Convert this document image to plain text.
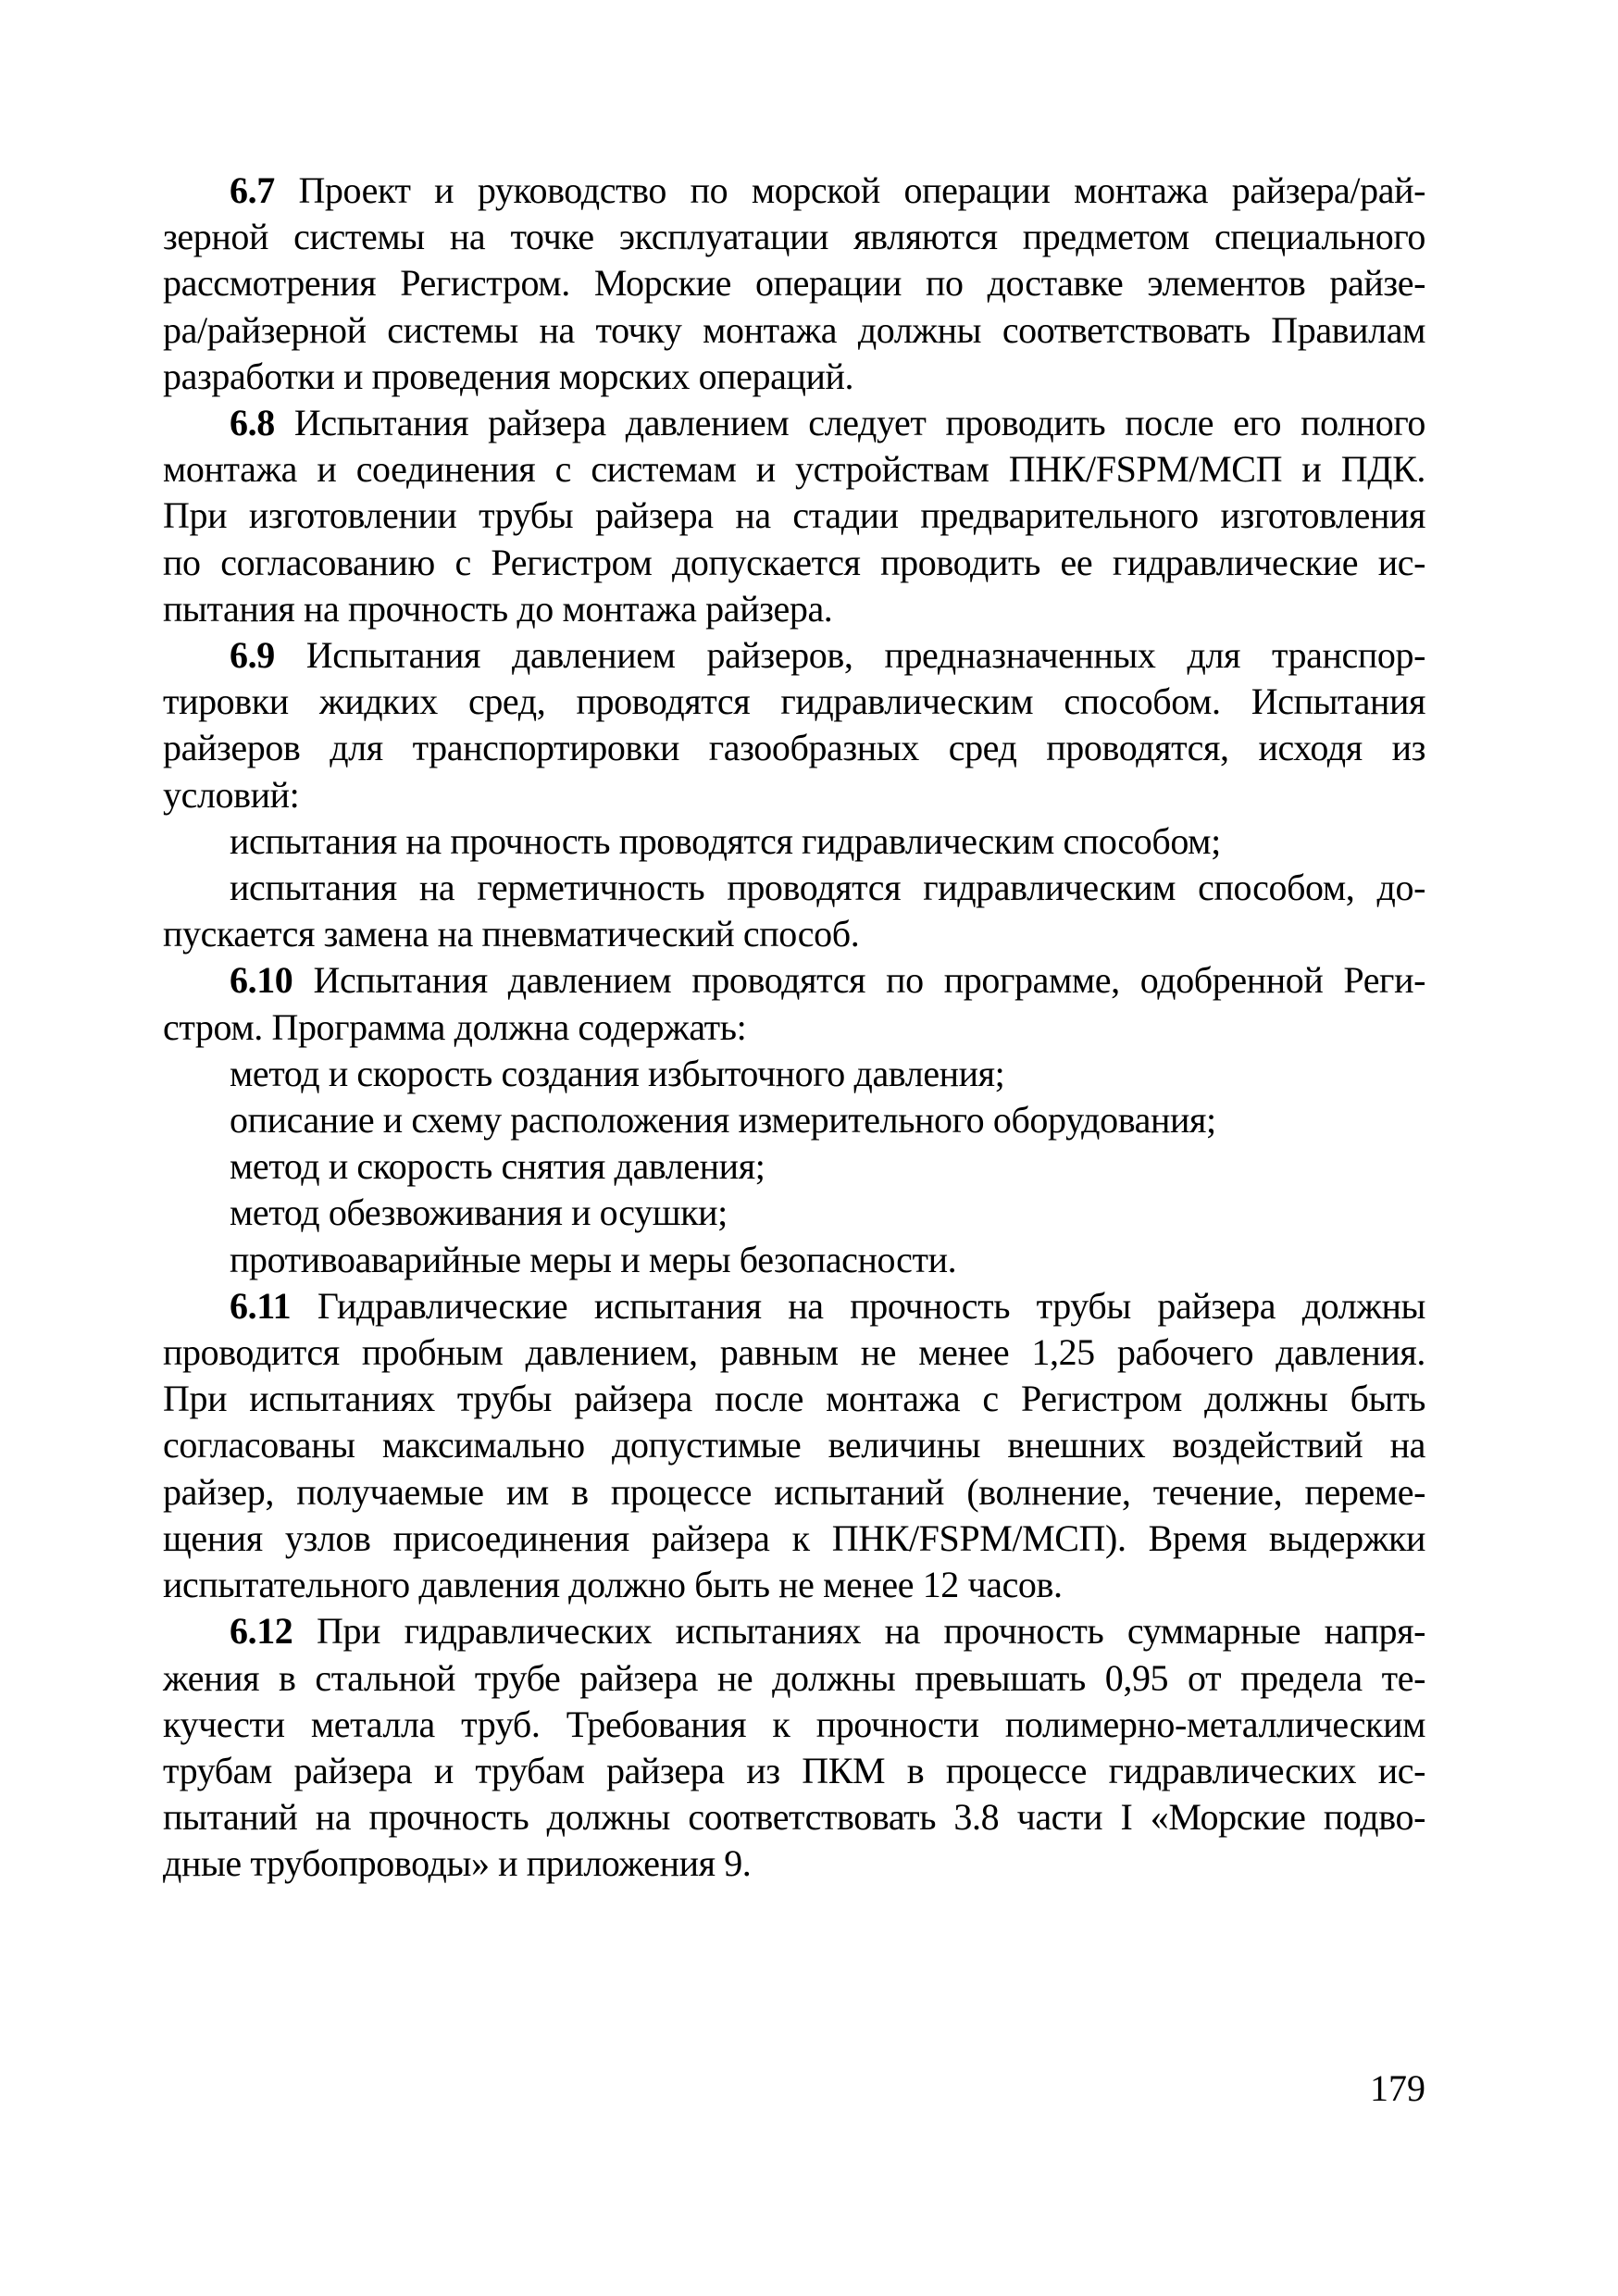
6.7 Проект и руководство по морской операции монтажа райзера/рай-
зерной системы на точке эксплуатации являются предметом специального
рассмотрения Регистром. Морские операции по доставке элементов райзе-
ра/райзерной системы на точку монтажа должны соответствовать Правилам
разработки и проведения морских операций.
6.8 Испытания райзера давлением следует проводить после его полного
монтажа и соединения с системам и устройствам ПНК/FSPM/МСП и ПДК.
При изготовлении трубы райзера на стадии предварительного изготовления
по согласованию с Регистром допускается проводить ее гидравлические ис-
пытания на прочность до монтажа райзера.
6.9 Испытания давлением райзеров, предназначенных для транспор-
тировки жидких сред, проводятся гидравлическим способом. Испытания
райзеров для транспортировки газообразных сред проводятся, исходя из
условий:
испытания на прочность проводятся гидравлическим способом;
испытания на герметичность проводятся гидравлическим способом, до-
пускается замена на пневматический способ.
6.10 Испытания давлением проводятся по программе, одобренной Реги-
стром. Программа должна содержать:
метод и скорость создания избыточного давления;
описание и схему расположения измерительного оборудования;
метод и скорость снятия давления;
метод обезвоживания и осушки;
противоаварийные меры и меры безопасности.
6.11 Гидравлические испытания на прочность трубы райзера должны
проводится пробным давлением, равным не менее 1,25 рабочего давления.
При испытаниях трубы райзера после монтажа с Регистром должны быть
согласованы максимально допустимые величины внешних воздействий на
райзер, получаемые им в процессе испытаний (волнение, течение, переме-
щения узлов присоединения райзера к ПНК/FSPM/МСП). Время выдержки
испытательного давления должно быть не менее 12 часов.
6.12 При гидравлических испытаниях на прочность суммарные напря-
жения в стальной трубе райзера не должны превышать 0,95 от предела те-
кучести металла труб. Требования к прочности полимерно-металлическим
трубам райзера и трубам райзера из ПКМ в процессе гидравлических ис-
пытаний на прочность должны соответствовать 3.8 части I «Морские подво-
дные трубопроводы» и приложения 9.
179
